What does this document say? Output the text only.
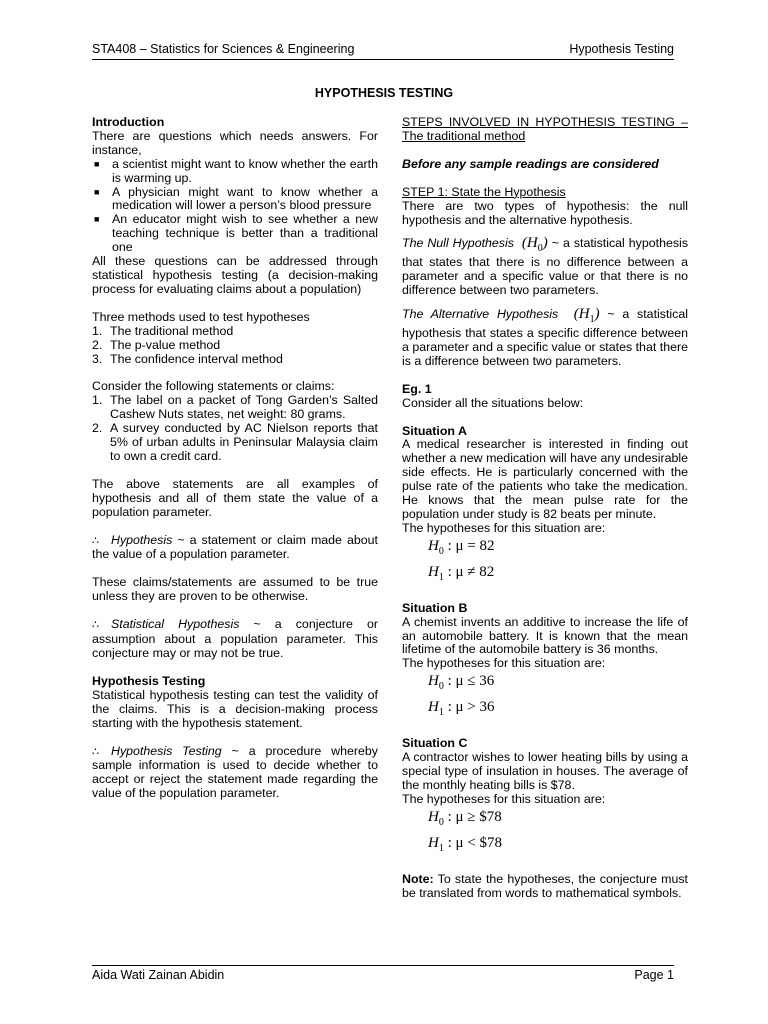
STA408 – Statistics for Sciences & Engineering	Hypothesis Testing
HYPOTHESIS TESTING

Introduction

There are questions which needs answers. For instance,

■ a scientist might want to know whether the earth is warming up.
■ A physician might want to know whether a medication will lower a person’s blood pressure
■ An educator might wish to see whether a new teaching technique is better than a traditional one

All these questions can be addressed through statistical hypothesis testing (a decision-making process for evaluating claims about a population)

Three methods used to test hypotheses

1. The traditional method
2. The p-value method
3. The confidence interval method

Consider the following statements or claims:

1. The label on a packet of Tong Garden’s Salted Cashew Nuts states, net weight: 80 grams.
2. A survey conducted by AC Nielson reports that 5% of urban adults in Peninsular Malaysia claim to own a credit card.

The above statements are all examples of hypothesis and all of them state the value of a population parameter.

∴ Hypothesis ~ a statement or claim made about the value of a population parameter.

These claims/statements are assumed to be true unless they are proven to be otherwise.

∴ Statistical Hypothesis ~ a conjecture or assumption about a population parameter. This conjecture may or may not be true.

Hypothesis Testing

Statistical hypothesis testing can test the validity of the claims. This is a decision-making process starting with the hypothesis statement.

∴ Hypothesis Testing ~ a procedure whereby sample information is used to decide whether to accept or reject the statement made regarding the value of the population parameter.

STEPS INVOLVED IN HYPOTHESIS TESTING – The traditional method

Before any sample readings are considered

STEP 1: State the Hypothesis

There are two types of hypothesis: the null hypothesis and the alternative hypothesis.

The Null Hypothesis $(H_0)$ ~ a statistical hypothesis that states that there is no difference between a parameter and a specific value or that there is no difference between two parameters.

The Alternative Hypothesis $(H_1)$ ~ a statistical hypothesis that states a specific difference between a parameter and a specific value or states that there is a difference between two parameters.

Eg. 1

Consider all the situations below:

Situation A

A medical researcher is interested in finding out whether a new medication will have any undesirable side effects. He is particularly concerned with the pulse rate of the patients who take the medication. He knows that the mean pulse rate for the population under study is 82 beats per minute.

The hypotheses for this situation are:

$H_0$ : μ = 82
$H_1$ : μ ≠ 82

Situation B

A chemist invents an additive to increase the life of an automobile battery. It is known that the mean lifetime of the automobile battery is 36 months.

The hypotheses for this situation are:

$H_0$ : μ ≤ 36
$H_1$ : μ > 36

Situation C

A contractor wishes to lower heating bills by using a special type of insulation in houses. The average of the monthly heating bills is $78.

The hypotheses for this situation are:

$H_0$ : μ ≥ $78
$H_1$ : μ < $78

Note: To state the hypotheses, the conjecture must be translated from words to mathematical symbols.

Aida Wati Zainan Abidin	Page 1
